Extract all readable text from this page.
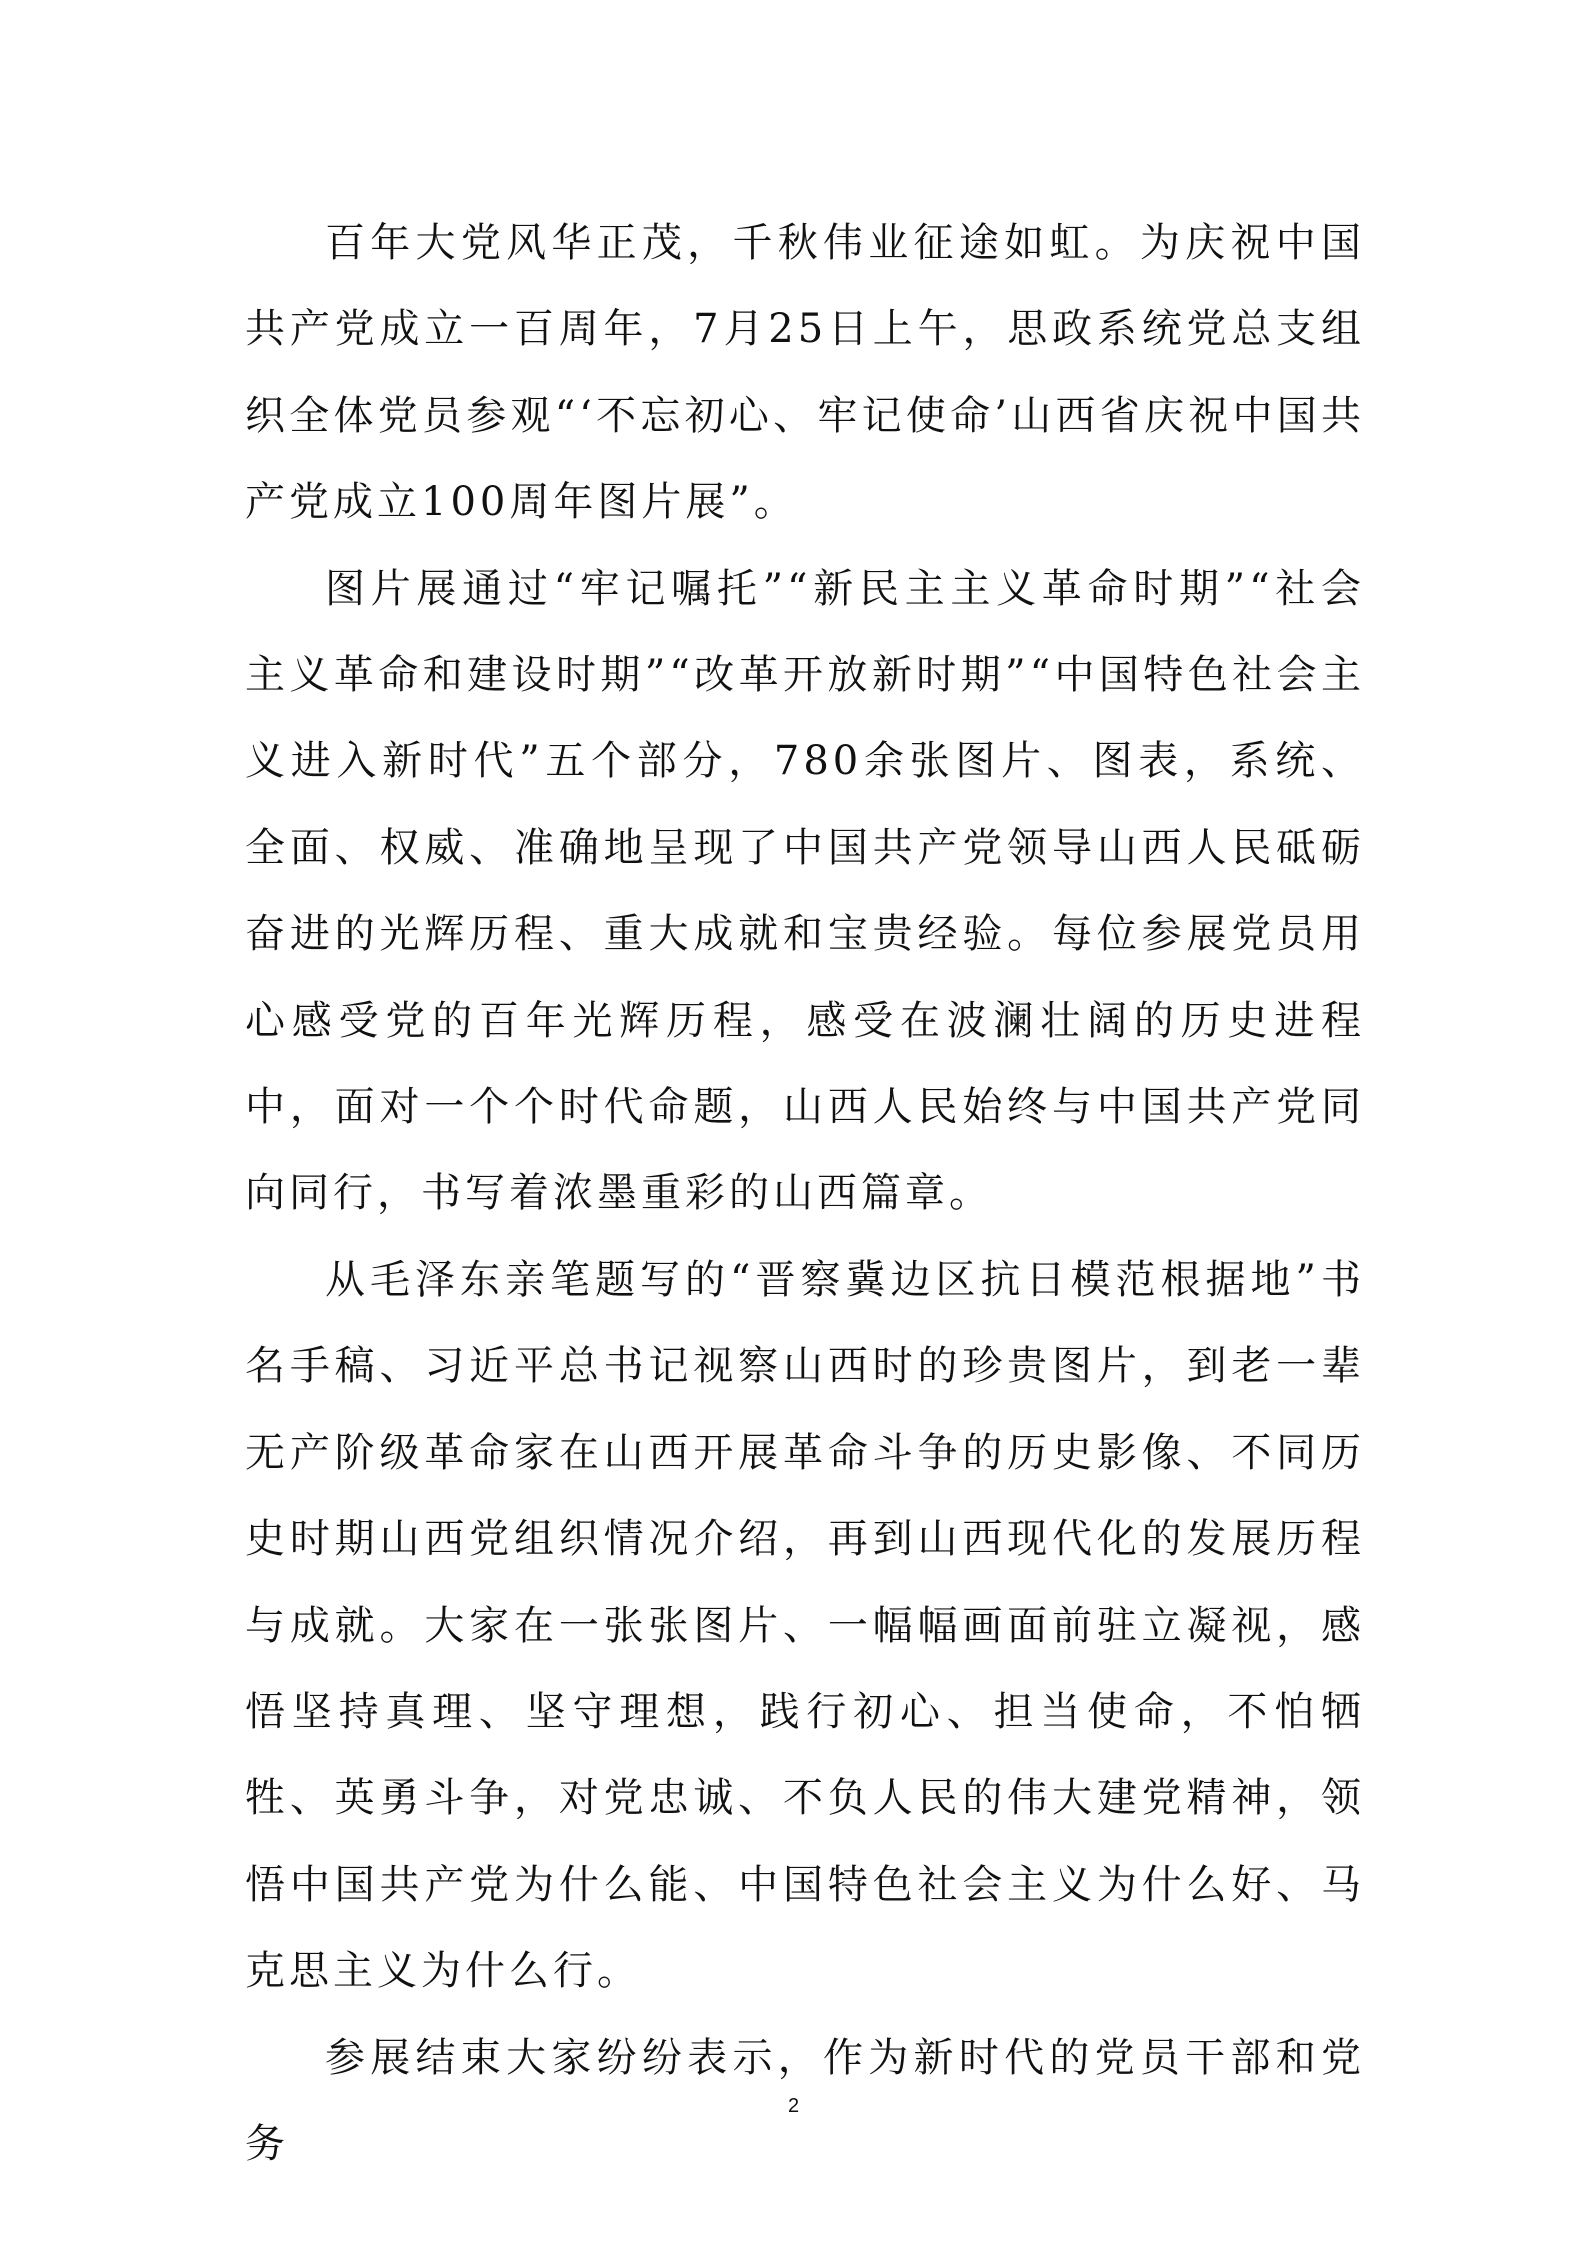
百年大党风华正茂，千秋伟业征途如虹。为庆祝中国共产党成立一百周年，7月25日上午，思政系统党总支组织全体党员参观“‘不忘初心、牢记使命’山西省庆祝中国共产党成立100周年图片展”。

图片展通过“牢记嘱托”“新民主主义革命时期”“社会主义革命和建设时期”“改革开放新时期”“中国特色社会主义进入新时代”五个部分，780余张图片、图表，系统、全面、权威、准确地呈现了中国共产党领导山西人民砥砺奋进的光辉历程、重大成就和宝贵经验。每位参展党员用心感受党的百年光辉历程，感受在波澜壮阔的历史进程中，面对一个个时代命题，山西人民始终与中国共产党同向同行，书写着浓墨重彩的山西篇章。

从毛泽东亲笔题写的“晋察冀边区抗日模范根据地”书名手稿、习近平总书记视察山西时的珍贵图片，到老一辈无产阶级革命家在山西开展革命斗争的历史影像、不同历史时期山西党组织情况介绍，再到山西现代化的发展历程与成就。大家在一张张图片、一幅幅画面前驻立凝视，感悟坚持真理、坚守理想，践行初心、担当使命，不怕牺牲、英勇斗争，对党忠诚、不负人民的伟大建党精神，领悟中国共产党为什么能、中国特色社会主义为什么好、马克思主义为什么行。

参展结束大家纷纷表示，作为新时代的党员干部和党务

2
